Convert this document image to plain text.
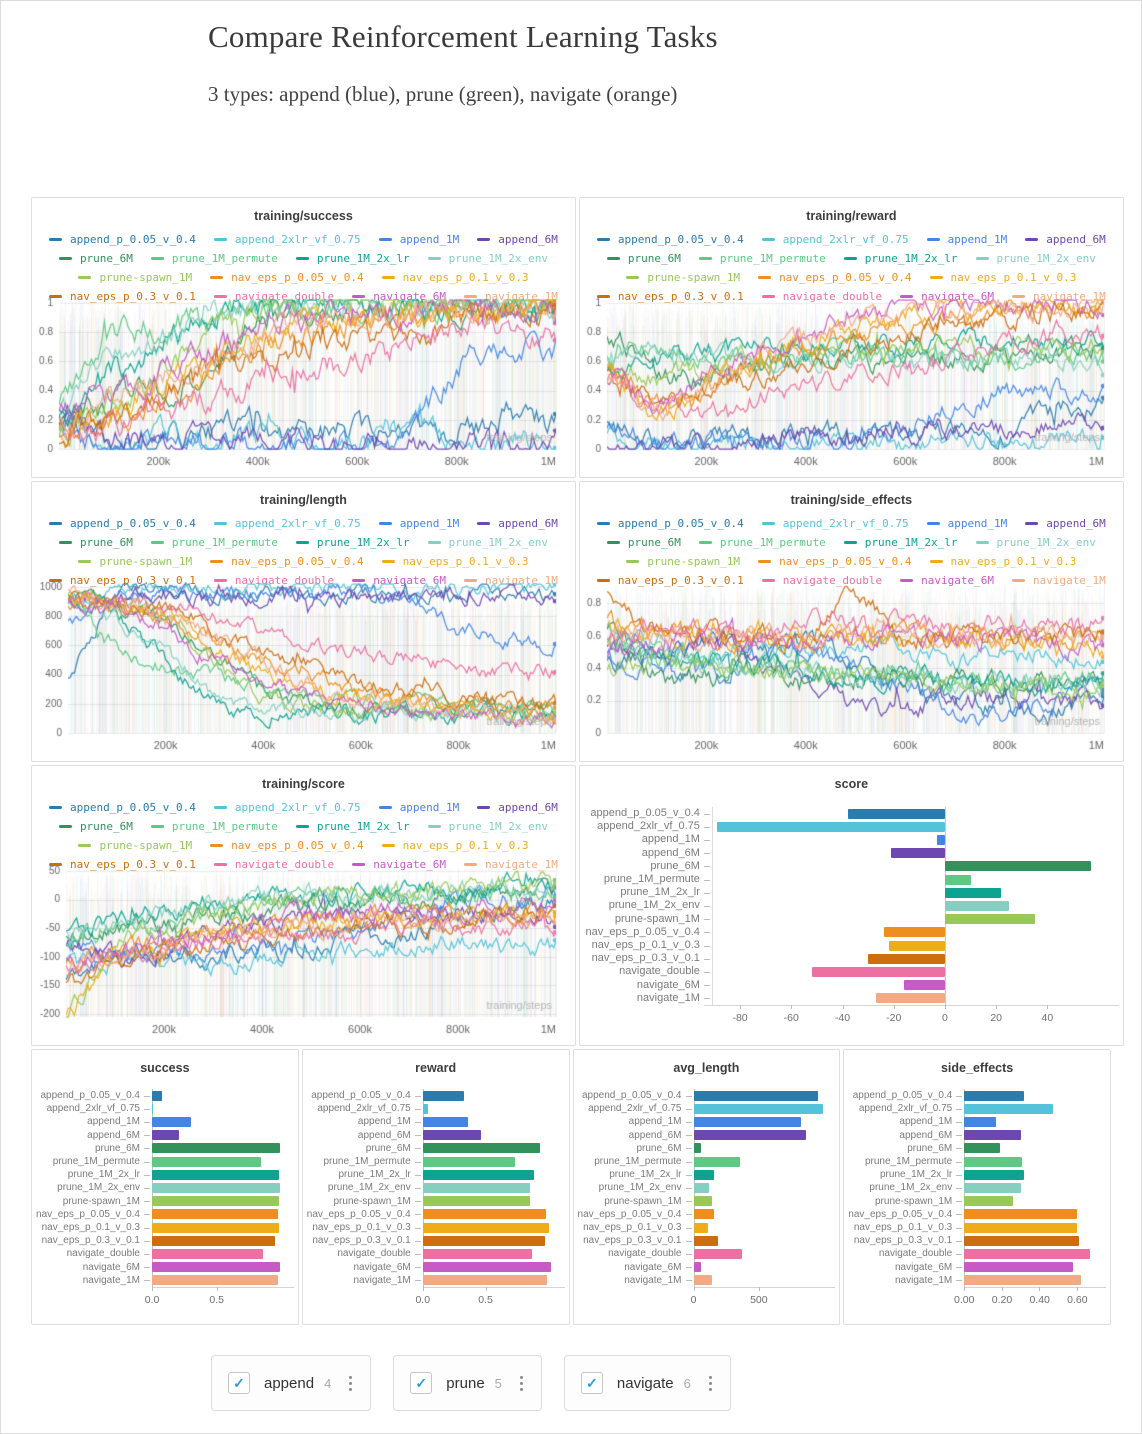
Compare Reinforcement Learning Tasks
3 types: append (blue), prune (green), navigate (orange)
training/success
append_p_0.05_v_0.4	append_2xlr_vf_0.75	append_1M	append_6M
prune_6M	prune_1M_permute	prune_1M_2x_lr	prune_1M_2x_env
prune-spawn_1M	nav_eps_p_0.05_v_0.4	nav_eps_p_0.1_v_0.3
training/reward
append_p_0.05_v_0.4	append_2xlr_vf_0.75	append_1M	append_6M
prune_6M	prune_1M_permute	prune_1M_2x_lr	prune_1M_2x_env
prune-spawn_1M	nav_eps_p_0.05_v_0.4	nav_eps_p_0.1_v_0.3
training/length
append_p_0.05_v_0.4	append_2xlr_vf_0.75	append_1M	append_6M
prune_6M	prune_1M_permute	prune_1M_2x_lr	prune_1M_2x_env
prune-spawn_1M	nav_eps_p_0.05_v_0.4	nav_eps_p_0.1_v_0.3
training/side_effects
append_p_0.05_v_0.4	append_2xlr_vf_0.75	append_1M	append_6M
prune_6M	prune_1M_permute	prune_1M_2x_lr	prune_1M_2x_env
prune-spawn_1M	nav_eps_p_0.05_v_0.4	nav_eps_p_0.1_v_0.3
training/score
append_p_0.05_v_0.4	append_2xlr_vf_0.75	append_1M	append_6M
prune_6M	prune_1M_permute	prune_1M_2x_lr	prune_1M_2x_env
prune-spawn_1M	nav_eps_p_0.05_v_0.4	nav_eps_p_0.1_v_0.3
score
-80	-60	-40	-20	0	20	40
append_p_0.05_v_0.4
append_2xlr_vf_0.75
append_1M
append_6M
prune_6M
prune_1M_permute
prune_1M_2x_lr
prune_1M_2x_env
prune-spawn_1M
nav_eps_p_0.05_v_0.4
nav_eps_p_0.1_v_0.3
nav_eps_p_0.3_v_0.1
navigate_double
navigate_6M
navigate_1M
success
0.0	0.5
append_p_0.05_v_0.4
append_2xlr_vf_0.75
append_1M
append_6M
prune_6M
prune_1M_permute
prune_1M_2x_lr
prune_1M_2x_env
prune-spawn_1M
nav_eps_p_0.05_v_0.4
nav_eps_p_0.1_v_0.3
nav_eps_p_0.3_v_0.1
navigate_double
navigate_6M
navigate_1M
reward
0.0	0.5
append_p_0.05_v_0.4
append_2xlr_vf_0.75
append_1M
append_6M
prune_6M
prune_1M_permute
prune_1M_2x_lr
prune_1M_2x_env
prune-spawn_1M
nav_eps_p_0.05_v_0.4
nav_eps_p_0.1_v_0.3
nav_eps_p_0.3_v_0.1
navigate_double
navigate_6M
navigate_1M
avg_length
0	500
append_p_0.05_v_0.4
append_2xlr_vf_0.75
append_1M
append_6M
prune_6M
prune_1M_permute
prune_1M_2x_lr
prune_1M_2x_env
prune-spawn_1M
nav_eps_p_0.05_v_0.4
nav_eps_p_0.1_v_0.3
nav_eps_p_0.3_v_0.1
navigate_double
navigate_6M
navigate_1M
side_effects
0.00 0.20 0.40 0.60
append_p_0.05_v_0.4
append_2xlr_vf_0.75
append_1M
append_6M
prune_6M
prune_1M_permute
prune_1M_2x_lr
prune_1M_2x_env
prune-spawn_1M
nav_eps_p_0.05_v_0.4
nav_eps_p_0.1_v_0.3
nav_eps_p_0.3_v_0.1
navigate_double
navigate_6M
navigate_1M
✓	append 4	✓	prune 5	✓	navigate 6
